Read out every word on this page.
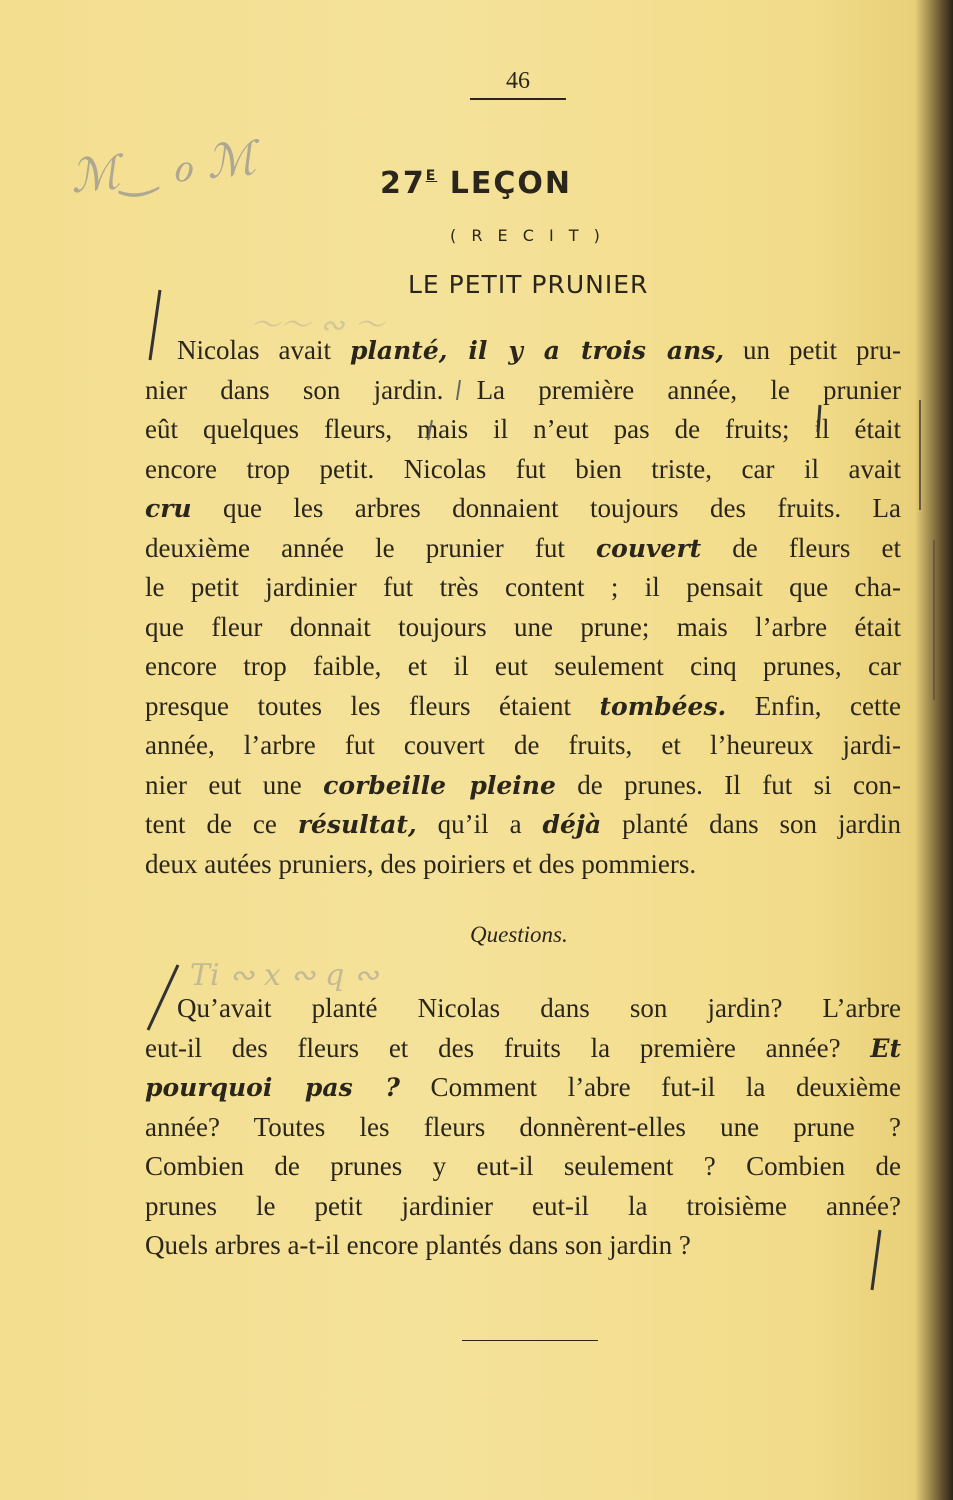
46
ℳ‿ ℴ ℳ
～～ ∾ ～
$27^E$ LEÇON
( R E C I T )
LE PETIT PRUNIER
Nicolas avait planté, il y a trois ans, un petit pru-
nier dans son jardin. La première année, le prunier
eût quelques fleurs, mais il n’eut pas de fruits; il était
encore trop petit. Nicolas fut bien triste, car il avait
cru que les arbres donnaient toujours des fruits. La
deuxième année le prunier fut couvert de fleurs et
le petit jardinier fut très content ; il pensait que cha-
que fleur donnait toujours une prune; mais l’arbre était
encore trop faible, et il eut seulement cinq prunes, car
presque toutes les fleurs étaient tombées. Enfin, cette
année, l’arbre fut couvert de fruits, et l’heureux jardi-
nier eut une corbeille pleine de prunes. Il fut si con-
tent de ce résultat, qu’il a déjà planté dans son jardin
deux autées pruniers, des poiriers et des pommiers.
Questions.
Ti ∾ x ∾ q ∾
Qu’avait planté Nicolas dans son jardin? L’arbre
eut-il des fleurs et des fruits la première année? Et
pourquoi pas ? Comment l’abre fut-il la deuxième
année? Toutes les fleurs donnèrent-elles une prune ?
Combien de prunes y eut-il seulement ? Combien de
prunes le petit jardinier eut-il la troisième année?
Quels arbres a-t-il encore plantés dans son jardin ?
